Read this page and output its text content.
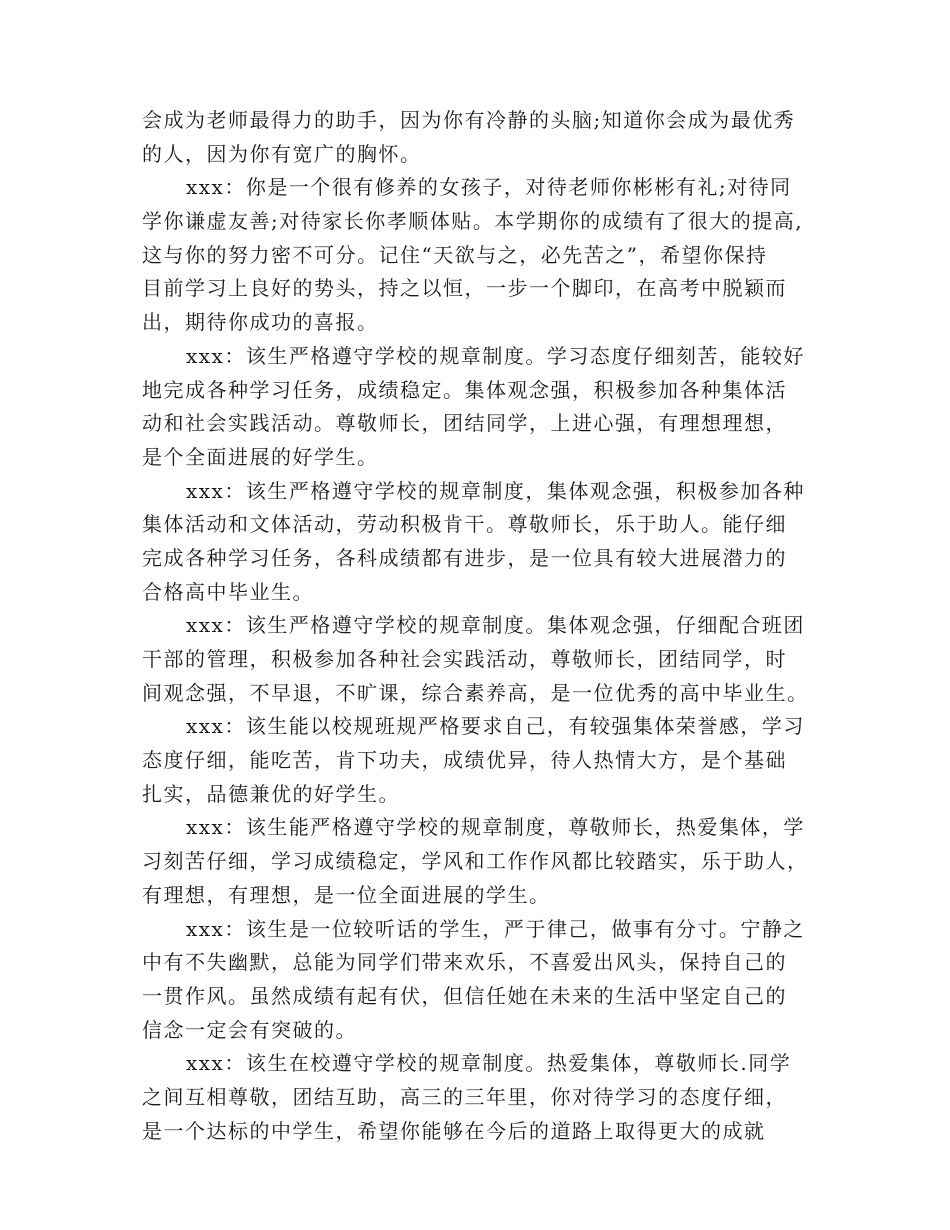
会成为老师最得力的助手，因为你有冷静的头脑;知道你会成为最优秀
的人，因为你有宽广的胸怀。
xxx：你是一个很有修养的女孩子，对待老师你彬彬有礼;对待同
学你谦虚友善;对待家长你孝顺体贴。本学期你的成绩有了很大的提高,
这与你的努力密不可分。记住“天欲与之，必先苦之”，希望你保持
目前学习上良好的势头，持之以恒，一步一个脚印，在高考中脱颖而
出，期待你成功的喜报。
xxx：该生严格遵守学校的规章制度。学习态度仔细刻苦，能较好
地完成各种学习任务，成绩稳定。集体观念强，积极参加各种集体活
动和社会实践活动。尊敬师长，团结同学，上进心强，有理想理想，
是个全面进展的好学生。
xxx：该生严格遵守学校的规章制度，集体观念强，积极参加各种
集体活动和文体活动，劳动积极肯干。尊敬师长，乐于助人。能仔细
完成各种学习任务，各科成绩都有进步，是一位具有较大进展潜力的
合格高中毕业生。
xxx：该生严格遵守学校的规章制度。集体观念强，仔细配合班团
干部的管理，积极参加各种社会实践活动，尊敬师长，团结同学，时
间观念强，不早退，不旷课，综合素养高，是一位优秀的高中毕业生。
xxx：该生能以校规班规严格要求自己，有较强集体荣誉感，学习
态度仔细，能吃苦，肯下功夫，成绩优异，待人热情大方，是个基础
扎实，品德兼优的好学生。
xxx：该生能严格遵守学校的规章制度，尊敬师长，热爱集体，学
习刻苦仔细，学习成绩稳定，学风和工作作风都比较踏实，乐于助人，
有理想，有理想，是一位全面进展的学生。
xxx：该生是一位较听话的学生，严于律己，做事有分寸。宁静之
中有不失幽默，总能为同学们带来欢乐，不喜爱出风头，保持自己的
一贯作风。虽然成绩有起有伏，但信任她在未来的生活中坚定自己的
信念一定会有突破的。
xxx：该生在校遵守学校的规章制度。热爱集体，尊敬师长.同学
之间互相尊敬，团结互助，高三的三年里，你对待学习的态度仔细，
是一个达标的中学生，希望你能够在今后的道路上取得更大的成就
